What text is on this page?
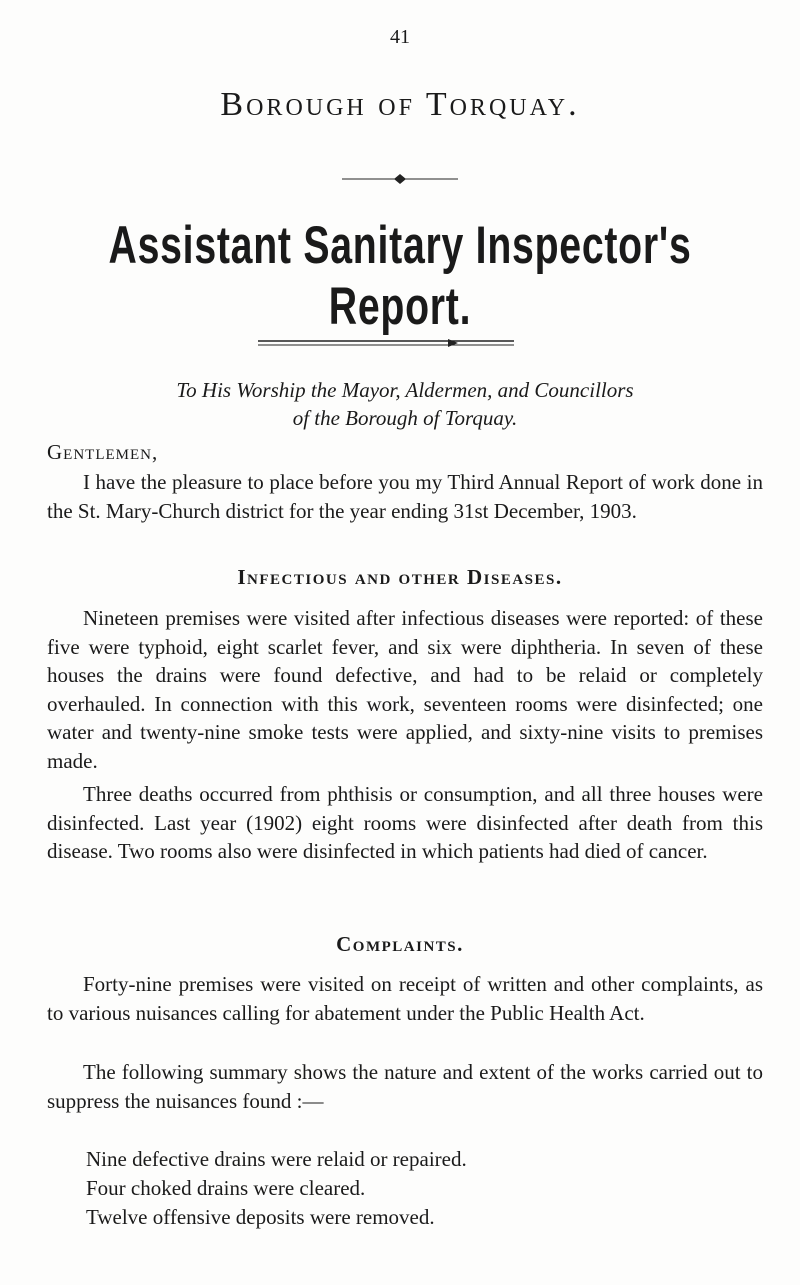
41
Borough of Torquay.
Assistant Sanitary Inspector's Report.
To His Worship the Mayor, Aldermen, and Councillors
of the Borough of Torquay.
Gentlemen,

I have the pleasure to place before you my Third Annual Report of work done in the St. Mary-Church district for the year ending 31st December, 1903.

Infectious and other Diseases.

Nineteen premises were visited after infectious diseases were reported: of these five were typhoid, eight scarlet fever, and six were diphtheria. In seven of these houses the drains were found defective, and had to be relaid or completely overhauled. In connection with this work, seventeen rooms were disinfected; one water and twenty-nine smoke tests were applied, and sixty-nine visits to premises made.

Three deaths occurred from phthisis or consumption, and all three houses were disinfected. Last year (1902) eight rooms were disinfected after death from this disease. Two rooms also were disinfected in which patients had died of cancer.

Complaints.

Forty-nine premises were visited on receipt of written and other complaints, as to various nuisances calling for abatement under the Public Health Act.

The following summary shows the nature and extent of the works carried out to suppress the nuisances found :—

Nine defective drains were relaid or repaired.

Four choked drains were cleared.

Twelve offensive deposits were removed.
